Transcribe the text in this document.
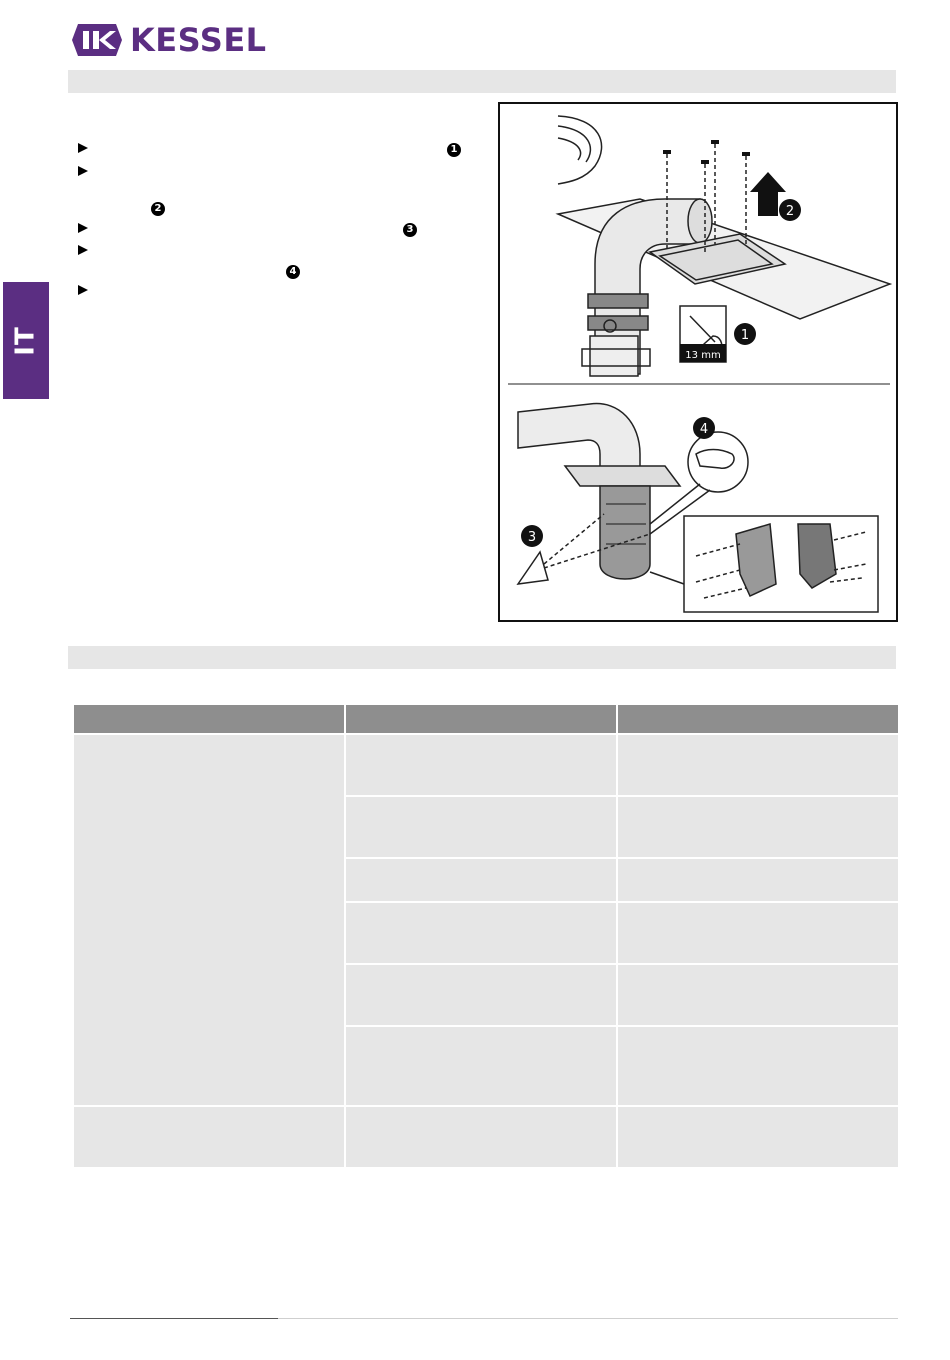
KESSEL
IT
1
2
3
4
13 mm
1
2
3
4
